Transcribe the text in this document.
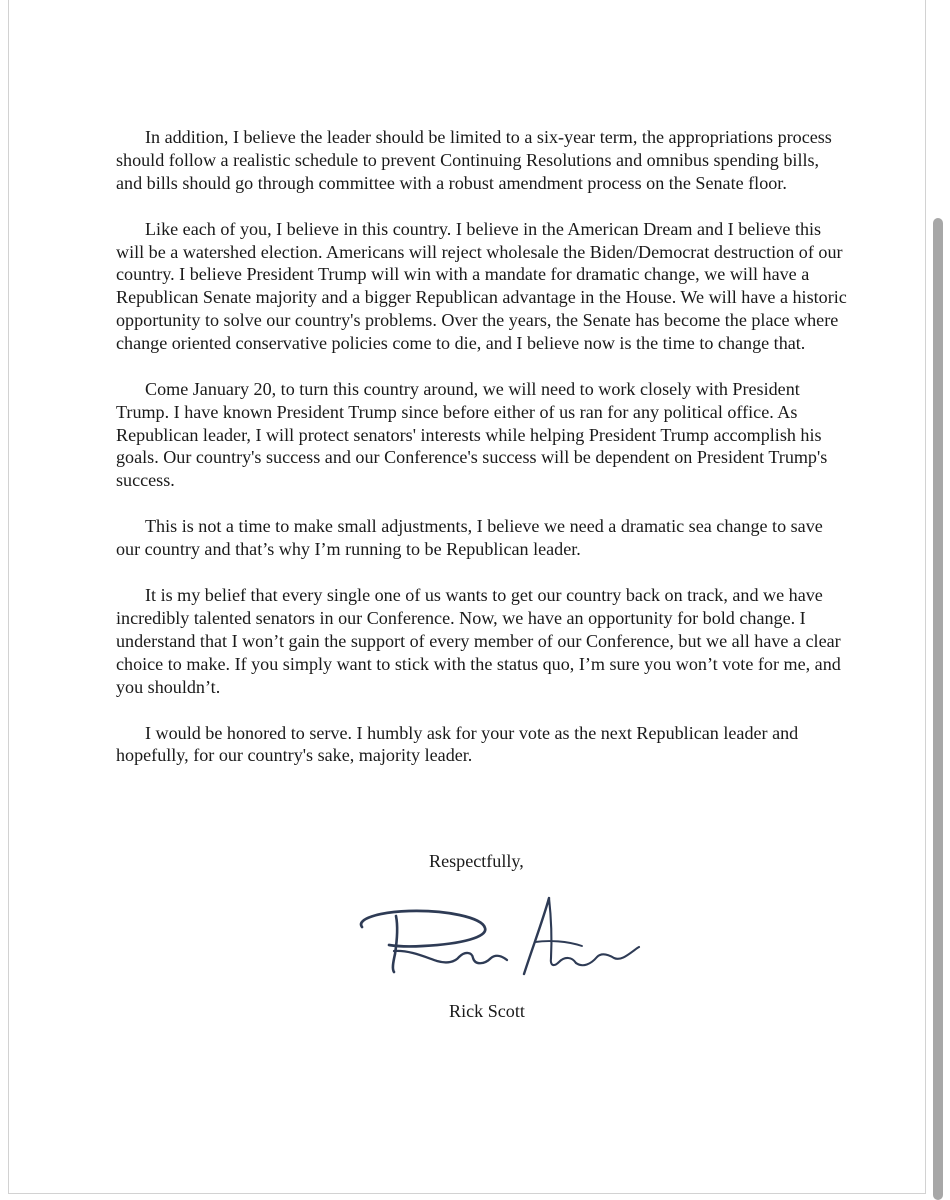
In addition, I believe the leader should be limited to a six-year term, the appropriations process should follow a realistic schedule to prevent Continuing Resolutions and omnibus spending bills, and bills should go through committee with a robust amendment process on the Senate floor.

Like each of you, I believe in this country. I believe in the American Dream and I believe this will be a watershed election. Americans will reject wholesale the Biden/Democrat destruction of our country. I believe President Trump will win with a mandate for dramatic change, we will have a Republican Senate majority and a bigger Republican advantage in the House. We will have a historic opportunity to solve our country's problems. Over the years, the Senate has become the place where change oriented conservative policies come to die, and I believe now is the time to change that.

Come January 20, to turn this country around, we will need to work closely with President Trump. I have known President Trump since before either of us ran for any political office. As Republican leader, I will protect senators' interests while helping President Trump accomplish his goals. Our country's success and our Conference's success will be dependent on President Trump's success.

This is not a time to make small adjustments, I believe we need a dramatic sea change to save our country and that’s why I’m running to be Republican leader.

It is my belief that every single one of us wants to get our country back on track, and we have incredibly talented senators in our Conference. Now, we have an opportunity for bold change. I understand that I won’t gain the support of every member of our Conference, but we all have a clear choice to make. If you simply want to stick with the status quo, I’m sure you won’t vote for me, and you shouldn’t.

I would be honored to serve. I humbly ask for your vote as the next Republican leader and hopefully, for our country's sake, majority leader.

Respectfully,
Rick Scott
